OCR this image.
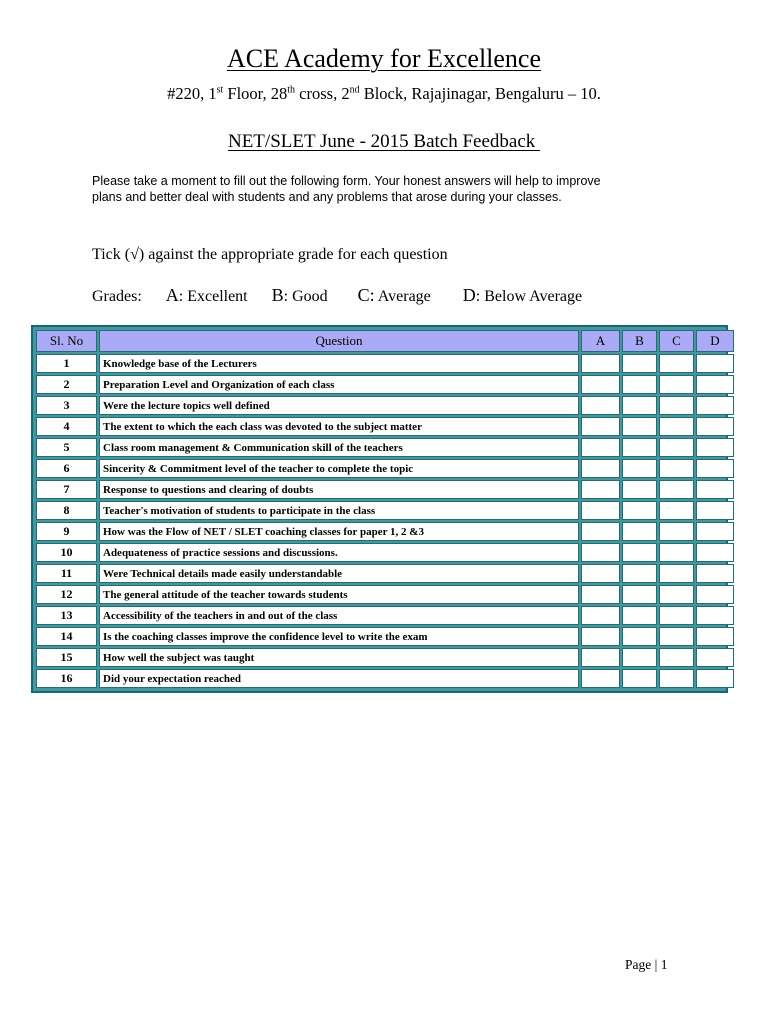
ACE Academy for Excellence
#220, 1st Floor, 28th cross, 2nd Block, Rajajinagar, Bengaluru – 10.
NET/SLET June - 2015 Batch Feedback
Please take a moment to fill out the following form. Your honest answers will help to improve
plans and better deal with students and any problems that arose during your classes.
Tick (√) against the appropriate grade for each question
Grades: A: Excellent B: Good C: Average D: Below Average
Sl. No	Question	A	B	C	D
1	Knowledge base of the Lecturers				
2	Preparation Level and Organization of each class				
3	Were the lecture topics well defined				
4	The extent to which the each class was devoted to the subject matter				
5	Class room management & Communication skill of the teachers				
6	Sincerity & Commitment level of the teacher to complete the topic				
7	Response to questions and clearing of doubts				
8	Teacher's motivation of students to participate in the class				
9	How was the Flow of NET / SLET coaching classes for paper 1, 2 &3				
10	Adequateness of practice sessions and discussions.				
11	Were Technical details made easily understandable				
12	The general attitude of the teacher towards students				
13	Accessibility of the teachers in and out of the class				
14	Is the coaching classes improve the confidence level to write the exam				
15	How well the subject was taught				
16	Did your expectation reached				
Page | 1
